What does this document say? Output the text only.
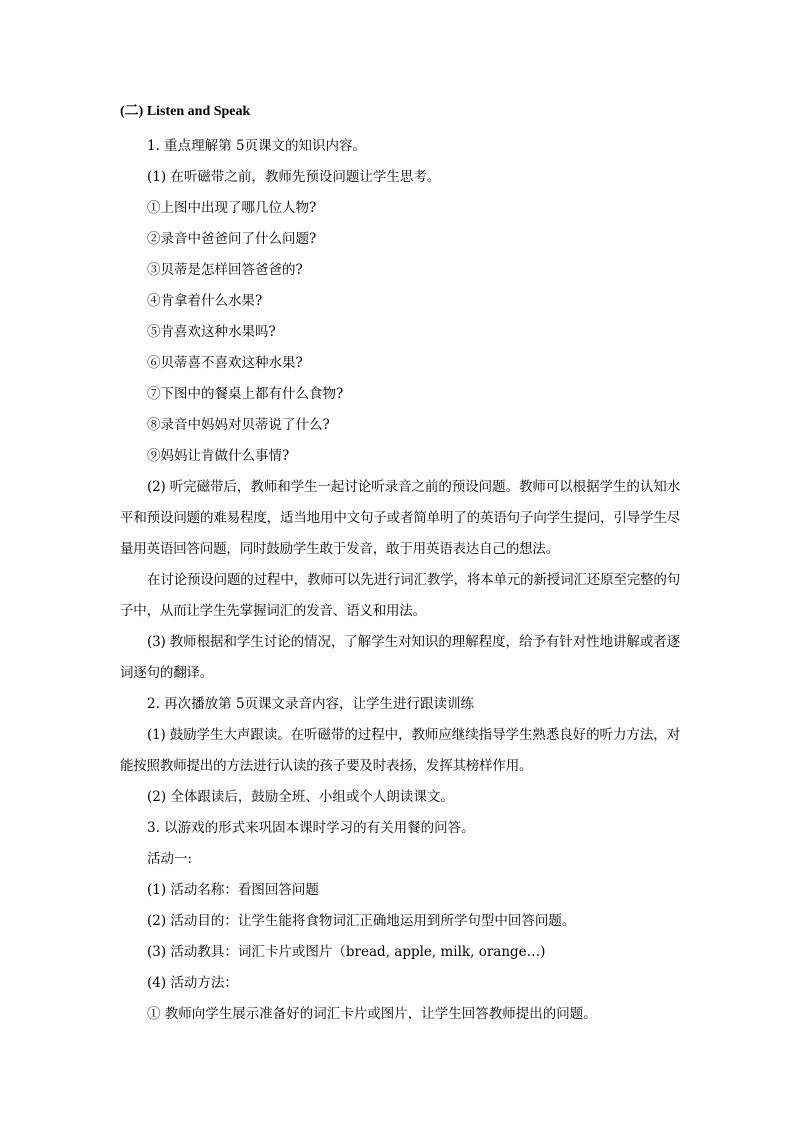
(二) Listen and Speak

1. 重点理解第 5页课文的知识内容。

(1) 在听磁带之前，教师先预设问题让学生思考。

①上图中出现了哪几位人物?

②录音中爸爸问了什么问题?

③贝蒂是怎样回答爸爸的?

④肯拿着什么水果?

⑤肯喜欢这种水果吗?

⑥贝蒂喜不喜欢这种水果?

⑦下图中的餐桌上都有什么食物?

⑧录音中妈妈对贝蒂说了什么?

⑨妈妈让肯做什么事情?

(2) 听完磁带后，教师和学生一起讨论听录音之前的预设问题。教师可以根据学生的认知水平和预设问题的难易程度，适当地用中文句子或者简单明了的英语句子向学生提问，引导学生尽量用英语回答问题，同时鼓励学生敢于发音，敢于用英语表达自己的想法。

在讨论预设问题的过程中，教师可以先进行词汇教学，将本单元的新授词汇还原至完整的句子中，从而让学生先掌握词汇的发音、语义和用法。

(3) 教师根据和学生讨论的情况，了解学生对知识的理解程度，给予有针对性地讲解或者逐词逐句的翻译。

2. 再次播放第 5页课文录音内容，让学生进行跟读训练

(1) 鼓励学生大声跟读。在听磁带的过程中，教师应继续指导学生熟悉良好的听力方法，对能按照教师提出的方法进行认读的孩子要及时表扬，发挥其榜样作用。

(2) 全体跟读后，鼓励全班、小组或个人朗读课文。

3. 以游戏的形式来巩固本课时学习的有关用餐的问答。

活动一:

(1) 活动名称：看图回答问题

(2) 活动目的：让学生能将食物词汇正确地运用到所学句型中回答问题。

(3) 活动教具：词汇卡片或图片（bread, apple, milk, orange…)

(4) 活动方法：

① 教师向学生展示准备好的词汇卡片或图片，让学生回答教师提出的问题。
